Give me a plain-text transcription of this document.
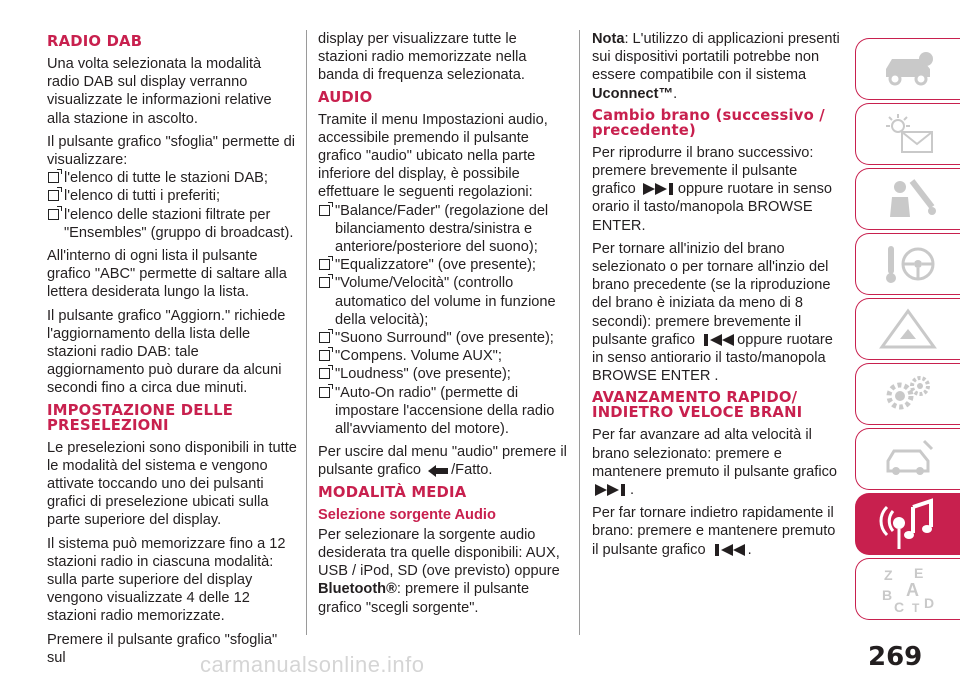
RADIO DAB

Una volta selezionata la modalità radio DAB sul display verranno visualizzate le informazioni relative alla stazione in ascolto.

Il pulsante grafico "sfoglia" permette di visualizzare:

l'elenco di tutte le stazioni DAB;
l'elenco di tutti i preferiti;
l'elenco delle stazioni filtrate per "Ensembles" (gruppo di broadcast).

All'interno di ogni lista il pulsante grafico "ABC" permette di saltare alla lettera desiderata lungo la lista.

Il pulsante grafico "Aggiorn." richiede l'aggiornamento della lista delle stazioni radio DAB: tale aggiornamento può durare da alcuni secondi fino a circa due minuti.

IMPOSTAZIONE DELLE PRESELEZIONI

Le preselezioni sono disponibili in tutte le modalità del sistema e vengono attivate toccando uno dei pulsanti grafici di preselezione ubicati sulla parte superiore del display.

Il sistema può memorizzare fino a 12 stazioni radio in ciascuna modalità: sulla parte superiore del display vengono visualizzate 4 delle 12 stazioni radio memorizzate.

Premere il pulsante grafico "sfoglia" sul

display per visualizzare tutte le stazioni radio memorizzate nella banda di frequenza selezionata.

AUDIO

Tramite il menu Impostazioni audio, accessibile premendo il pulsante grafico "audio" ubicato nella parte inferiore del display, è possibile effettuare le seguenti regolazioni:

"Balance/Fader" (regolazione del bilanciamento destra/sinistra e anteriore/posteriore del suono);
"Equalizzatore" (ove presente);
"Volume/Velocità" (controllo automatico del volume in funzione della velocità);
"Suono Surround" (ove presente);
"Compens. Volume AUX";
"Loudness" (ove presente);
"Auto-On radio" (permette di impostare l'accensione della radio all'avviamento del motore).

Per uscire dal menu "audio" premere il pulsante grafico /Fatto.

MODALITÀ MEDIA
Selezione sorgente Audio

Per selezionare la sorgente audio desiderata tra quelle disponibili: AUX, USB / iPod, SD (ove previsto) oppure Bluetooth®: premere il pulsante grafico "scegli sorgente".

Nota: L'utilizzo di applicazioni presenti sui dispositivi portatili potrebbe non essere compatibile con il sistema Uconnect™.

Cambio brano (successivo / precedente)

Per riprodurre il brano successivo: premere brevemente il pulsante grafico	oppure ruotare in senso orario il tasto/manopola BROWSE ENTER.

Per tornare all'inizio del brano selezionato o per tornare all'inzio del brano precedente (se la riproduzione del brano è iniziata da meno di 8 secondi): premere brevemente il pulsante grafico	oppure ruotare in senso antiorario il tasto/manopola BROWSE ENTER .

AVANZAMENTO RAPIDO/ INDIETRO VELOCE BRANI

Per far avanzare ad alta velocità il brano selezionato: premere e mantenere premuto il pulsante grafico .

Per far tornare indietro rapidamente il brano: premere e mantenere premuto il pulsante grafico	.

Z E
A
B
C T D
269
carmanualsonline.info
